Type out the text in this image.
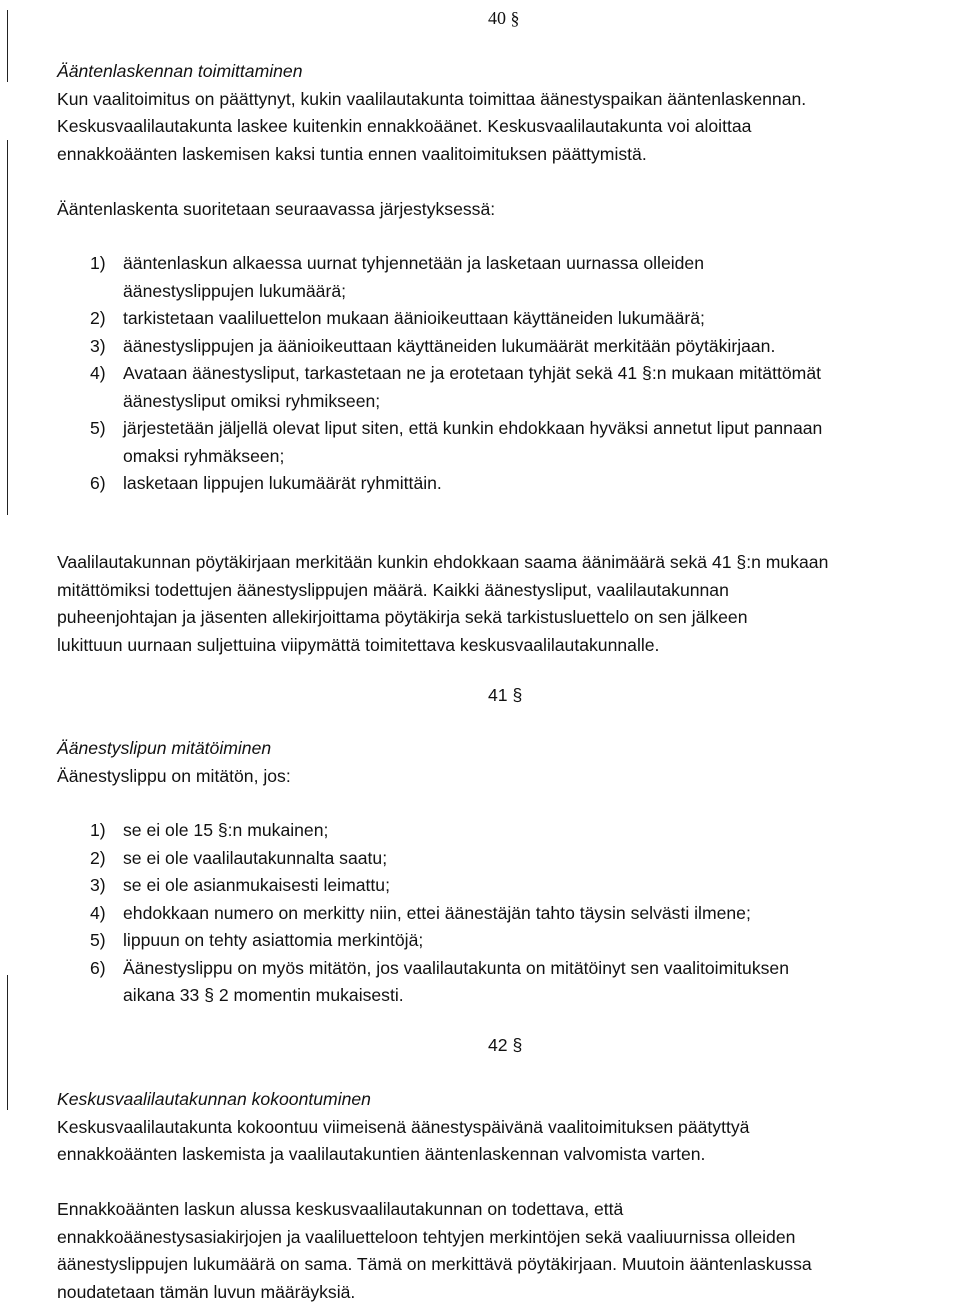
40 §

Ääntenlaskennan toimittaminen

Kun vaalitoimitus on päättynyt, kukin vaalilautakunta toimittaa äänestyspaikan ääntenlaskennan.

Keskusvaalilautakunta laskee kuitenkin ennakkoäänet. Keskusvaalilautakunta voi aloittaa

ennakkoäänten laskemisen kaksi tuntia ennen vaalitoimituksen päättymistä.

Ääntenlaskenta suoritetaan seuraavassa järjestyksessä:

1) ääntenlaskun alkaessa uurnat tyhjennetään ja lasketaan uurnassa olleiden
äänestyslippujen lukumäärä;
2) tarkistetaan vaaliluettelon mukaan äänioikeuttaan käyttäneiden lukumäärä;
3) äänestyslippujen ja äänioikeuttaan käyttäneiden lukumäärät merkitään pöytäkirjaan.
4) Avataan äänestysliput, tarkastetaan ne ja erotetaan tyhjät sekä 41 §:n mukaan mitättömät
äänestysliput omiksi ryhmikseen;
5) järjestetään jäljellä olevat liput siten, että kunkin ehdokkaan hyväksi annetut liput pannaan
omaksi ryhmäkseen;
6) lasketaan lippujen lukumäärät ryhmittäin.

Vaalilautakunnan pöytäkirjaan merkitään kunkin ehdokkaan saama äänimäärä sekä 41 §:n mukaan

mitättömiksi todettujen äänestyslippujen määrä. Kaikki äänestysliput, vaalilautakunnan

puheenjohtajan ja jäsenten allekirjoittama pöytäkirja sekä tarkistusluettelo on sen jälkeen

lukittuun uurnaan suljettuina viipymättä toimitettava keskusvaalilautakunnalle.

41 §

Äänestyslipun mitätöiminen

Äänestyslippu on mitätön, jos:

1) se ei ole 15 §:n mukainen;
2) se ei ole vaalilautakunnalta saatu;
3) se ei ole asianmukaisesti leimattu;
4) ehdokkaan numero on merkitty niin, ettei äänestäjän tahto täysin selvästi ilmene;
5) lippuun on tehty asiattomia merkintöjä;
6) Äänestyslippu on myös mitätön, jos vaalilautakunta on mitätöinyt sen vaalitoimituksen
aikana 33 § 2 momentin mukaisesti.
42 §

Keskusvaalilautakunnan kokoontuminen

Keskusvaalilautakunta kokoontuu viimeisenä äänestyspäivänä vaalitoimituksen päätyttyä

ennakkoäänten laskemista ja vaalilautakuntien ääntenlaskennan valvomista varten.

Ennakkoäänten laskun alussa keskusvaalilautakunnan on todettava, että

ennakkoäänestysasiakirjojen ja vaaliluetteloon tehtyjen merkintöjen sekä vaaliuurnissa olleiden

äänestyslippujen lukumäärä on sama. Tämä on merkittävä pöytäkirjaan. Muutoin ääntenlaskussa

noudatetaan tämän luvun määräyksiä.
